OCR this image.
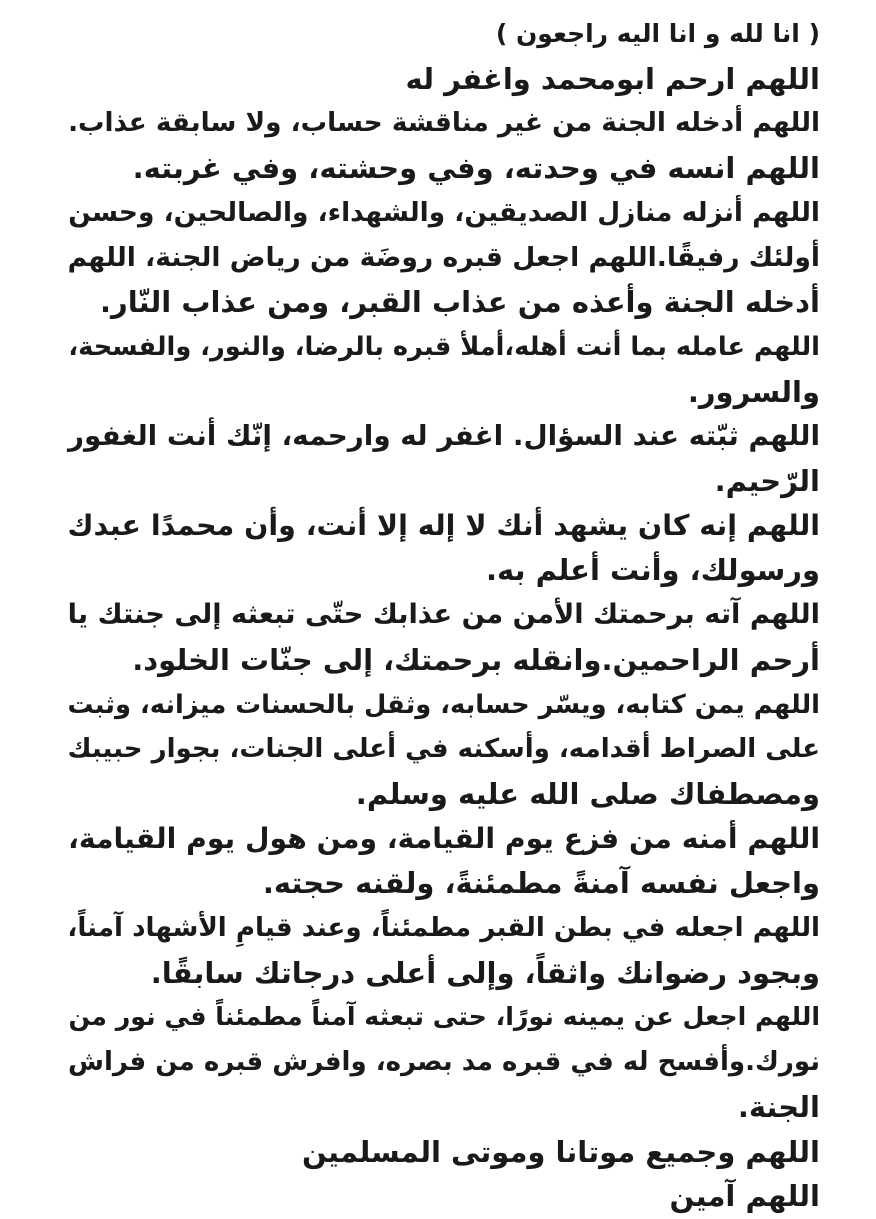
( انا لله و انا اليه راجعون )
اللهم ارحم ابومحمد واغفر له
اللهم أدخله الجنة من غير مناقشة حساب، ولا سابقة عذاب.
اللهم انسه في وحدته، وفي وحشته، وفي غربته.
اللهم أنزله منازل الصديقين، والشهداء، والصالحين، وحسن
أولئك رفيقًا.اللهم اجعل قبره روضَة من رياض الجنة، اللهم
أدخله الجنة وأعذه من عذاب القبر، ومن عذاب النّار.
اللهم عامله بما أنت أهله،أملأ قبره بالرضا، والنور، والفسحة،
والسرور.
اللهم ثبّته عند السؤال. اغفر له وارحمه، إنّك أنت الغفور
الرّحيم.
اللهم إنه كان يشهد أنك لا إله إلا أنت، وأن محمدًا عبدك
ورسولك، وأنت أعلم به.
اللهم آته برحمتك الأمن من عذابك حتّى تبعثه إلى جنتك يا
أرحم الراحمين.وانقله برحمتك، إلى جنّات الخلود.
اللهم يمن كتابه، ويسّر حسابه، وثقل بالحسنات ميزانه، وثبت
على الصراط أقدامه، وأسكنه في أعلى الجنات، بجوار حبيبك
ومصطفاك صلى الله عليه وسلم.
اللهم أمنه من فزع يوم القيامة، ومن هول يوم القيامة،
واجعل نفسه آمنةً مطمئنةً، ولقنه حجته.
اللهم اجعله في بطن القبر مطمئناً، وعند قيامِ الأشهاد آمناً،
وبجود رضوانك واثقاً، وإلى أعلى درجاتك سابقًا.
اللهم اجعل عن يمينه نورًا، حتى تبعثه آمناً مطمئناً في نور من
نورك.وأفسح له في قبره مد بصره، وافرش قبره من فراش
الجنة.
اللهم وجميع موتانا وموتى المسلمين
اللهم آمين
